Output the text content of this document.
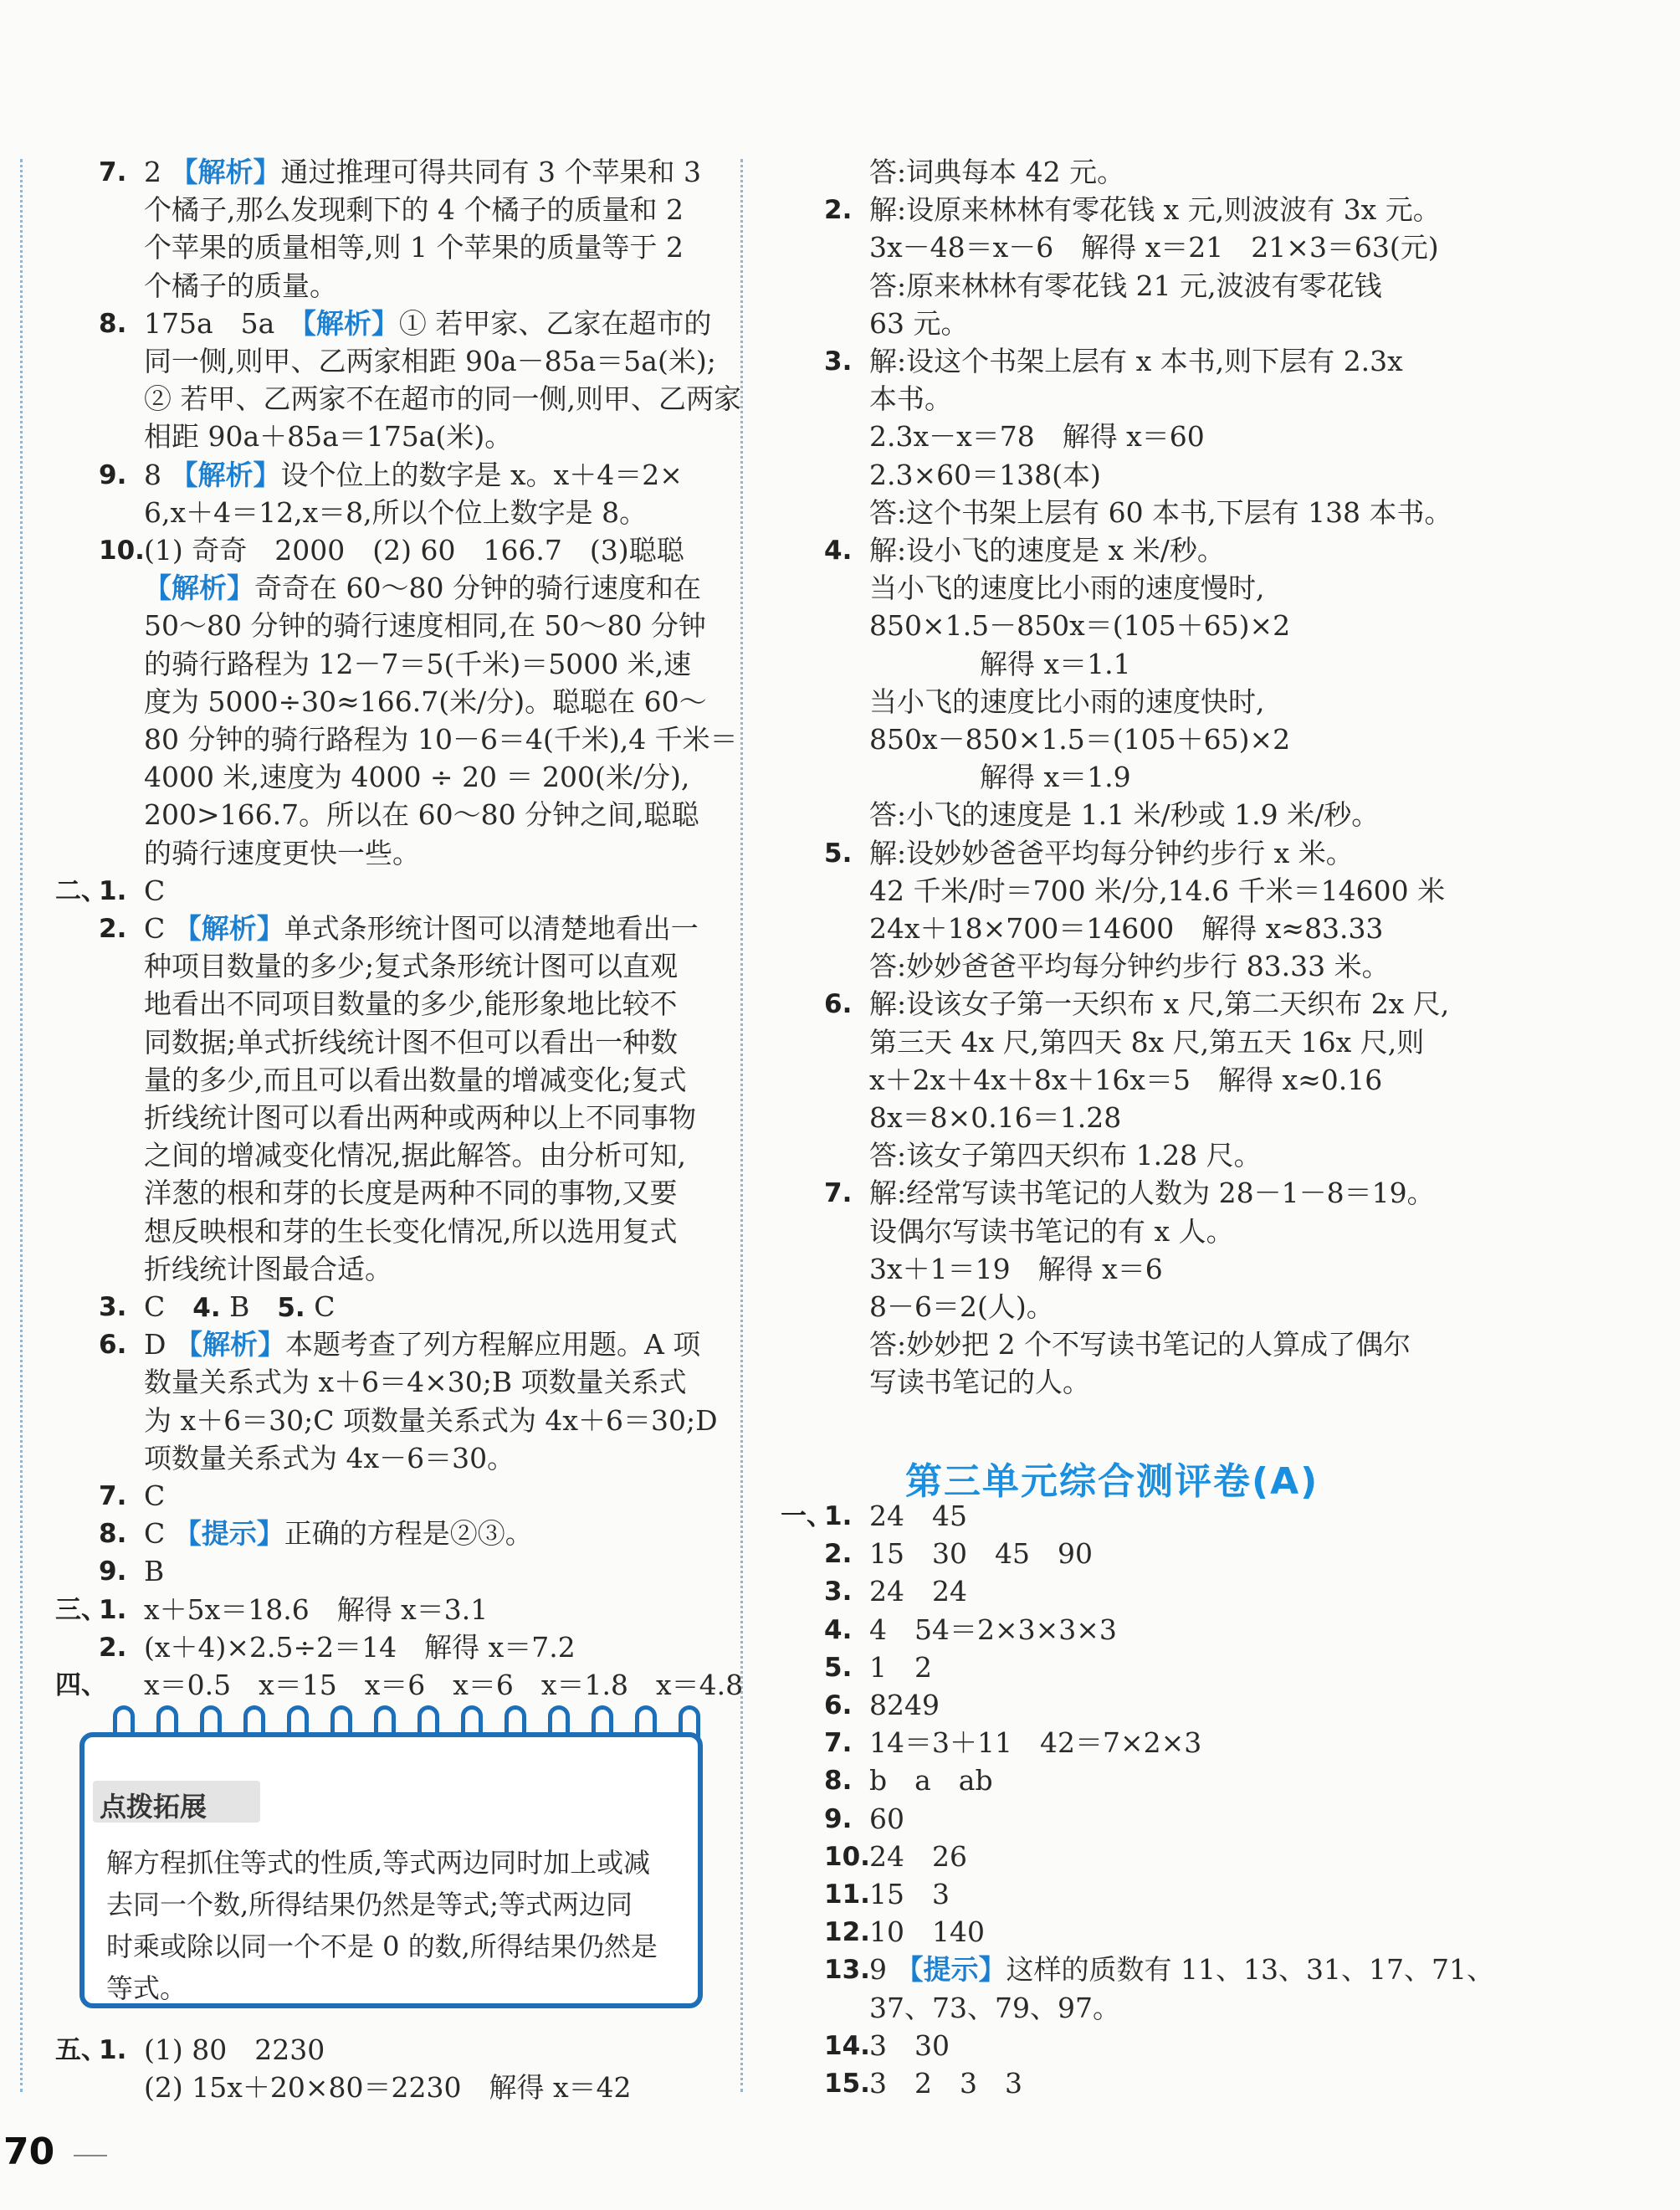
7. 2 【解析】通过推理可得共同有 3 个苹果和 3
个橘子,那么发现剩下的 4 个橘子的质量和 2
个苹果的质量相等,则 1 个苹果的质量等于 2
个橘子的质量。
8. 175a　5a　【解析】① 若甲家、乙家在超市的
同一侧,则甲、乙两家相距 90a－85a＝5a(米);
② 若甲、乙两家不在超市的同一侧,则甲、乙两家
相距 90a＋85a＝175a(米)。
9. 8 【解析】设个位上的数字是 x。x＋4＝2×
6,x＋4＝12,x＝8,所以个位上数字是 8。
10. (1) 奇奇　2000　(2) 60　166.7　(3)聪聪
【解析】奇奇在 60～80 分钟的骑行速度和在
50～80 分钟的骑行速度相同,在 50～80 分钟
的骑行路程为 12－7＝5(千米)＝5000 米,速
度为 5000÷30≈166.7(米/分)。聪聪在 60～
80 分钟的骑行路程为 10－6＝4(千米),4 千米＝
4000 米,速度为 4000 ÷ 20 ＝ 200(米/分),
200>166.7。所以在 60～80 分钟之间,聪聪
的骑行速度更快一些。
二、
1. C
2. C 【解析】单式条形统计图可以清楚地看出一
种项目数量的多少;复式条形统计图可以直观
地看出不同项目数量的多少,能形象地比较不
同数据;单式折线统计图不但可以看出一种数
量的多少,而且可以看出数量的增减变化;复式
折线统计图可以看出两种或两种以上不同事物
之间的增减变化情况,据此解答。由分析可知,
洋葱的根和芽的长度是两种不同的事物,又要
想反映根和芽的生长变化情况,所以选用复式
折线统计图最合适。
3. C　4. B　5. C
6. D 【解析】本题考查了列方程解应用题。A 项
数量关系式为 x＋6＝4×30;B 项数量关系式
为 x＋6＝30;C 项数量关系式为 4x＋6＝30;D
项数量关系式为 4x－6＝30。
7. C
8. C 【提示】正确的方程是②③。
9. B
三、
1. x＋5x＝18.6　解得 x＝3.1
2. (x＋4)×2.5÷2＝14　解得 x＝7.2
四、 x＝0.5　x＝15　x＝6　x＝6　x＝1.8　x＝4.8
点拨拓展
解方程抓住等式的性质,等式两边同时加上或减
去同一个数,所得结果仍然是等式;等式两边同
时乘或除以同一个不是 0 的数,所得结果仍然是
等式。
五、
1. (1) 80　2230
(2) 15x＋20×80＝2230　解得 x＝42
答:词典每本 42 元。
2. 解:设原来林林有零花钱 x 元,则波波有 3x 元。
3x－48＝x－6　解得 x＝21　21×3＝63(元)
答:原来林林有零花钱 21 元,波波有零花钱
63 元。
3. 解:设这个书架上层有 x 本书,则下层有 2.3x
本书。
2.3x－x＝78　解得 x＝60
2.3×60＝138(本)
答:这个书架上层有 60 本书,下层有 138 本书。
4. 解:设小飞的速度是 x 米/秒。
当小飞的速度比小雨的速度慢时,
850×1.5－850x＝(105＋65)×2
　　　　解得 x＝1.1
当小飞的速度比小雨的速度快时,
850x－850×1.5＝(105＋65)×2
　　　　解得 x＝1.9
答:小飞的速度是 1.1 米/秒或 1.9 米/秒。
5. 解:设妙妙爸爸平均每分钟约步行 x 米。
42 千米/时＝700 米/分,14.6 千米＝14600 米
24x＋18×700＝14600　解得 x≈83.33
答:妙妙爸爸平均每分钟约步行 83.33 米。
6. 解:设该女子第一天织布 x 尺,第二天织布 2x 尺,
第三天 4x 尺,第四天 8x 尺,第五天 16x 尺,则
x＋2x＋4x＋8x＋16x＝5　解得 x≈0.16
8x＝8×0.16＝1.28
答:该女子第四天织布 1.28 尺。
7. 解:经常写读书笔记的人数为 28－1－8＝19。
设偶尔写读书笔记的有 x 人。
3x＋1＝19　解得 x＝6
8－6＝2(人)。
答:妙妙把 2 个不写读书笔记的人算成了偶尔
写读书笔记的人。
第三单元综合测评卷(A)
一、
1. 24　45
2. 15　30　45　90
3. 24　24
4. 4　54＝2×3×3×3
5. 1　2
6. 8249
7. 14＝3＋11　42＝7×2×3
8. b　a　ab
9. 60
10. 24　26
11. 15　3
12. 10　140
13. 9 【提示】这样的质数有 11、13、31、17、71、
37、73、79、97。
14. 3　30
15. 3　2　3　3
70
